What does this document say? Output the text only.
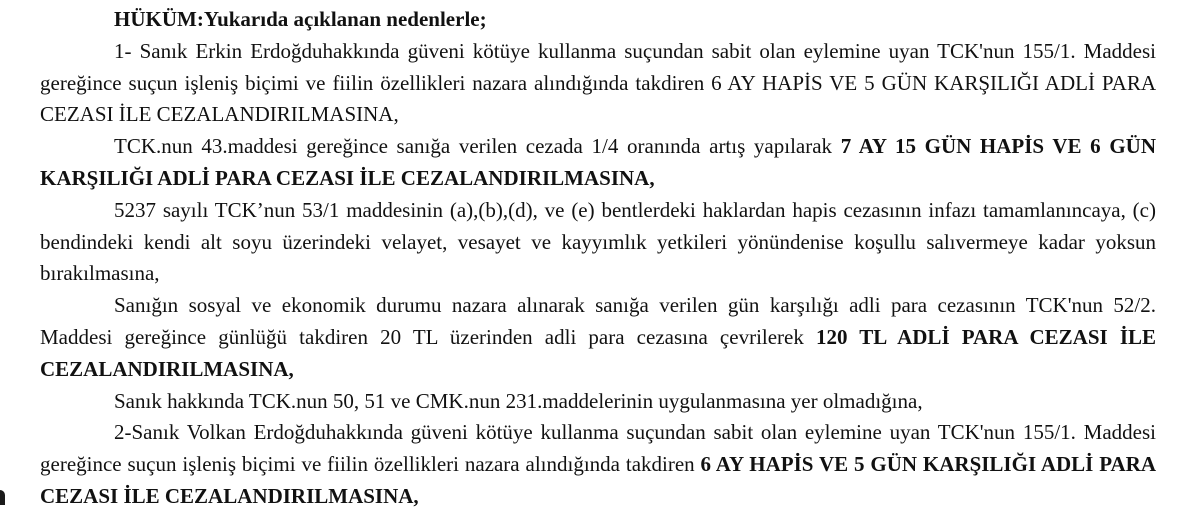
HÜKÜM:Yukarıda açıklanan nedenlerle;

1- Sanık Erkin Erdoğduhakkında güveni kötüye kullanma suçundan sabit olan eylemine uyan TCK'nun 155/1. Maddesi gereğince suçun işleniş biçimi ve fiilin özellikleri nazara alındığında takdiren 6 AY HAPİS VE 5 GÜN KARŞILIĞI ADLİ PARA CEZASI İLE CEZALANDIRILMASINA,

TCK.nun 43.maddesi gereğince sanığa verilen cezada 1/4 oranında artış yapılarak 7 AY 15 GÜN HAPİS VE 6 GÜN KARŞILIĞI ADLİ PARA CEZASI İLE CEZALANDIRILMASINA,

5237 sayılı TCK’nun 53/1 maddesinin (a),(b),(d), ve (e) bentlerdeki haklardan hapis cezasının infazı tamamlanıncaya, (c) bendindeki kendi alt soyu üzerindeki velayet, vesayet ve kayyımlık yetkileri yönündenise koşullu salıvermeye kadar yoksun bırakılmasına,

Sanığın sosyal ve ekonomik durumu nazara alınarak sanığa verilen gün karşılığı adli para cezasının TCK'nun 52/2. Maddesi gereğince günlüğü takdiren 20 TL üzerinden adli para cezasına çevrilerek 120 TL ADLİ PARA CEZASI İLE CEZALANDIRILMASINA,

Sanık hakkında TCK.nun 50, 51 ve CMK.nun 231.maddelerinin uygulanmasına yer olmadığına,

2-Sanık Volkan Erdoğduhakkında güveni kötüye kullanma suçundan sabit olan eylemine uyan TCK'nun 155/1. Maddesi gereğince suçun işleniş biçimi ve fiilin özellikleri nazara alındığında takdiren 6 AY HAPİS VE 5 GÜN KARŞILIĞI ADLİ PARA CEZASI İLE CEZALANDIRILMASINA,
